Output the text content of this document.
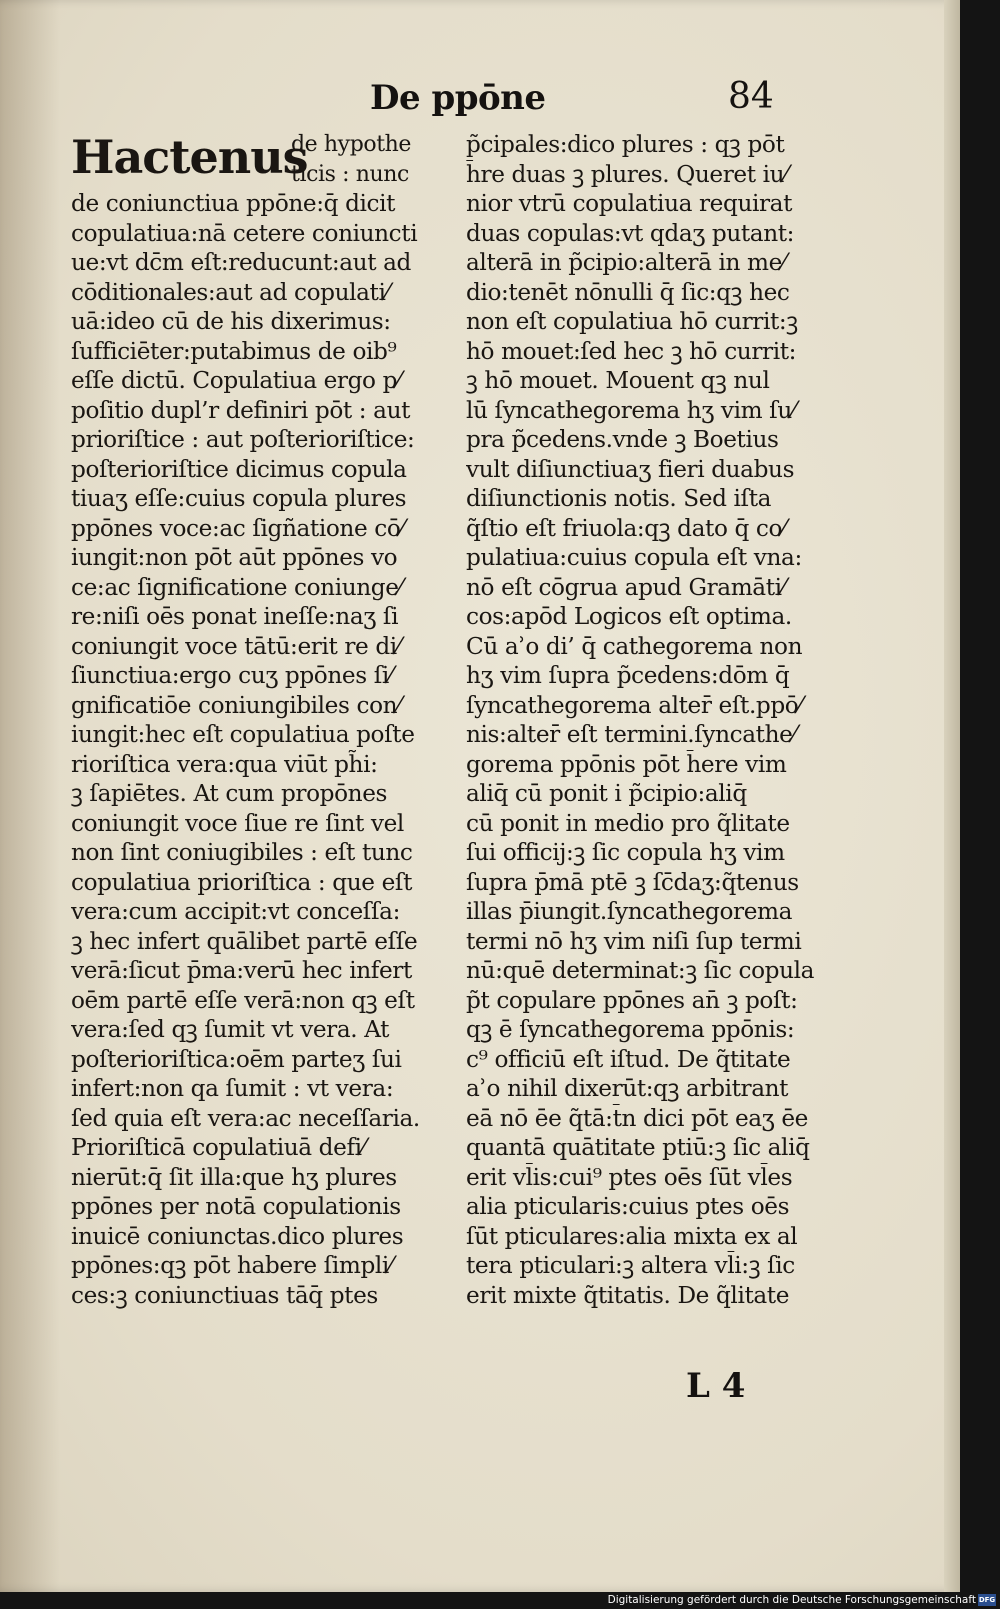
De ppōne	84
Hactenus
de hypothe
ticis : nunc
de coniunctiua ppōne:q̄ dicit
copulatiua:nā cetere coniuncti
ue:vt dc̄m eſt:reducunt:aut ad
cōditionales:aut ad copulati⁄
uā:ideo cū de his dixerimus:
ſufficiēter:putabimus de oib⁹
eſſe dictū. Copulatiua ergo p⁄
poſitio dupl’r definiri pōt : aut
prioriſtice : aut poſterioriſtice:
poſterioriſtice dicimus copula
tiuaʒ eſſe:cuius copula plures
ppōnes voce:ac ſigñatione cō⁄
iungit:non pōt aūt ppōnes vo
ce:ac ſignificatione coniunge⁄
re:niſi oēs ponat ineſſe:naʒ ſi
coniungit voce tātū:erit re di⁄
ſiunctiua:ergo cuʒ ppōnes ſi⁄
gnificatiōe coniungibiles con⁄
iungit:hec eſt copulatiua poſte
rioriſtica vera:qua viūt ph̃i:
ꝫ ſapiētes. At cum propōnes
coniungit voce ſiue re ſint vel
non ſint coniugibiles : eſt tunc
copulatiua prioriſtica : que eſt
vera:cum accipit:vt conceſſa:
ꝫ hec infert quālibet partē eſſe
verā:ſicut p̄ma:verū hec infert
oēm partē eſſe verā:non qꝫ eſt
vera:ſed qꝫ ſumit vt vera. At
poſterioriſtica:oēm parteʒ ſui
infert:non qa ſumit : vt vera:
ſed quia eſt vera:ac neceſſaria.
Prioriſticā copulatiuā defi⁄
nierūt:q̄ ſit illa:que hʒ plures
ppōnes per notā copulationis
inuicē coniunctas.dico plures
ppōnes:qꝫ pōt habere ſimpli⁄
ces:ꝫ coniunctiuas tāq̄ ptes
p̃cipales:dico plures : qꝫ pōt
h̄re duas ꝫ plures. Queret iu⁄
nior vtrū copulatiua requirat
duas copulas:vt qdaʒ putant:
alterā in p̃cipio:alterā in me⁄
dio:tenēt nōnulli q̄ ſic:qꝫ hec
non eſt copulatiua hō currit:ꝫ
hō mouet:ſed hec ꝫ hō currit:
ꝫ hō mouet. Mouent qꝫ nul
lū ſyncathegorema hʒ vim ſu⁄
pra p̃cedens.vnde ꝫ Boetius
vult diſiunctiuaʒ fieri duabus
diſiunctionis notis. Sed iſta
q̃ſtio eſt friuola:qꝫ dato q̄ co⁄
pulatiua:cuius copula eſt vna:
nō eſt cōgrua apud Gramāti⁄
cos:apōd Logicos eſt optima.
Cū ẚo di’ q̄ cathegorema non
hʒ vim ſupra p̃cedens:dōm q̄
ſyncathegorema alter̄ eſt.ppō⁄
nis:alter̄ eſt termini.ſyncathe⁄
gorema ppōnis pōt h̄ere vim
aliq̄ cū ponit i p̃cipio:aliq̄
cū ponit in medio pro q̃litate
ſui officij:ꝫ ſic copula hʒ vim
ſupra p̄mā ptē ꝫ ſc̄daʒ:q̃tenus
illas p̄iungit.ſyncathegorema
termi nō hʒ vim niſi ſup termi
nū:quē determinat:ꝫ ſic copula
p̃t copulare ppōnes an̄ ꝫ poſt:
qꝫ ē ſyncathegorema ppōnis:
c⁹ officiū eſt iſtud. De q̃titate
ẚo nihil dixerūt:qꝫ arbitrant
eā nō ēe q̃tā:t̄n dici pōt eaʒ ēe
quantā quātitate ptiū:ꝫ ſic aliq̄
erit vl̄is:cui⁹ ptes oēs ſūt vl̄es
alia pticularis:cuius ptes oēs
ſūt pticulares:alia mixta ex al
tera pticulari:ꝫ altera vl̄i:ꝫ ſic
erit mixte q̃titatis. De q̃litate
L 4
Digitalisierung gefördert durch die Deutsche Forschungsgemeinschaft DFG
